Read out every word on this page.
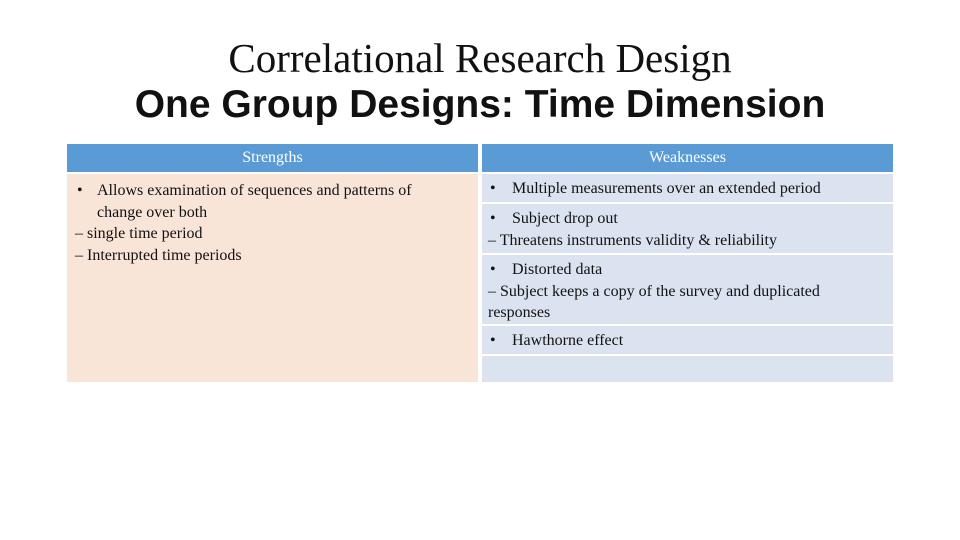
Correlational Research Design
One Group Designs: Time Dimension
Strengths	Weaknesses
• Allows examination of sequences and patterns of
change over both
– single time period
– Interrupted time periods
• Multiple measurements over an extended period
• Subject drop out
– Threatens instruments validity & reliability
• Distorted data
– Subject keeps a copy of the survey and duplicated
responses
• Hawthorne effect
